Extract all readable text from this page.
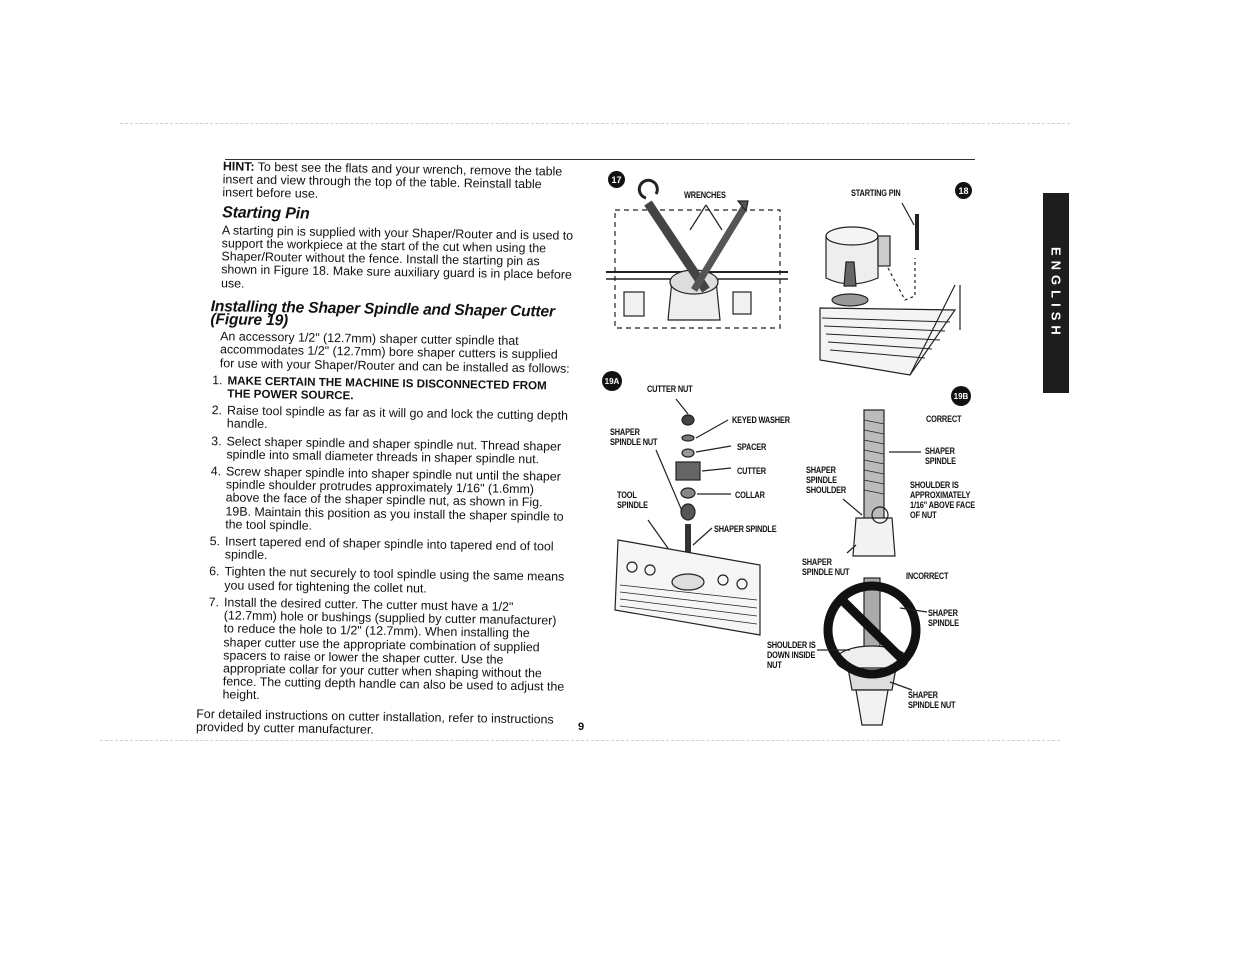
HINT: To best see the flats and your wrench, remove the table insert and view through the top of the table. Reinstall table insert before use.

Starting Pin

A starting pin is supplied with your Shaper/Router and is used to support the workpiece at the start of the cut when using the Shaper/Router without the fence. Install the starting pin as shown in Figure 18. Make sure auxiliary guard is in place before use.

Installing the Shaper Spindle and Shaper Cutter (Figure 19)

An accessory 1/2" (12.7mm) shaper cutter spindle that accommodates 1/2" (12.7mm) bore shaper cutters is supplied for use with your Shaper/Router and can be installed as follows:

1. MAKE CERTAIN THE MACHINE IS DISCONNECTED FROM THE POWER SOURCE.
2. Raise tool spindle as far as it will go and lock the cutting depth handle.
3. Select shaper spindle and shaper spindle nut. Thread shaper spindle into small diameter threads in shaper spindle nut.
4. Screw shaper spindle into shaper spindle nut until the shaper spindle shoulder protrudes approximately 1/16" (1.6mm) above the face of the shaper spindle nut, as shown in Fig. 19B. Maintain this position as you install the shaper spindle to the tool spindle.
5. Insert tapered end of shaper spindle into tapered end of tool spindle.
6. Tighten the nut securely to tool spindle using the same means you used for tightening the collet nut.
7. Install the desired cutter. The cutter must have a 1/2" (12.7mm) hole or bushings (supplied by cutter manufacturer) to reduce the hole to 1/2" (12.7mm). When installing the shaper cutter use the appropriate combination of supplied spacers to raise or lower the shaper cutter. Use the appropriate collar for your cutter when shaping without the fence. The cutting depth handle can also be used to adjust the height.

For detailed instructions on cutter installation, refer to instructions provided by cutter manufacturer.	9
ENGLISH
17
18
19A
19B
WRENCHES	STARTING PIN
CUTTER NUT
KEYED WASHER
SHAPER
SPINDLE NUT	SPACER
CUTTER
TOOL
SPINDLE
COLLAR
SHAPER SPINDLE
CORRECT
SHAPER
SPINDLE
SHAPER
SPINDLE
SHOULDER	SHOULDER IS
APPROXIMATELY
1/16" ABOVE FACE
OF NUT
SHAPER
SPINDLE NUT	INCORRECT
SHAPER
SPINDLE
SHOULDER IS
DOWN INSIDE
NUT
SHAPER
SPINDLE NUT
